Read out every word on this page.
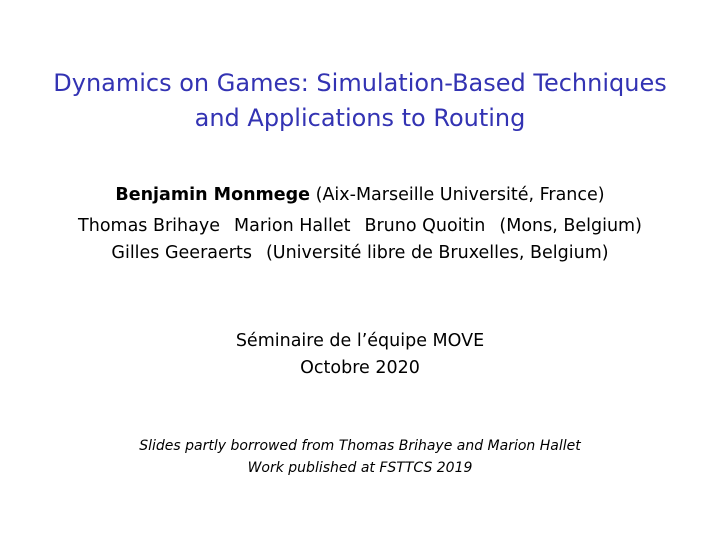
Dynamics on Games: Simulation-Based Techniques
and Applications to Routing
Benjamin Monmege (Aix-Marseille Université, France)
Thomas Brihaye Marion Hallet Bruno Quoitin (Mons, Belgium)
Gilles Geeraerts (Université libre de Bruxelles, Belgium)
Séminaire de l’équipe MOVE
Octobre 2020
Slides partly borrowed from Thomas Brihaye and Marion Hallet
Work published at FSTTCS 2019
